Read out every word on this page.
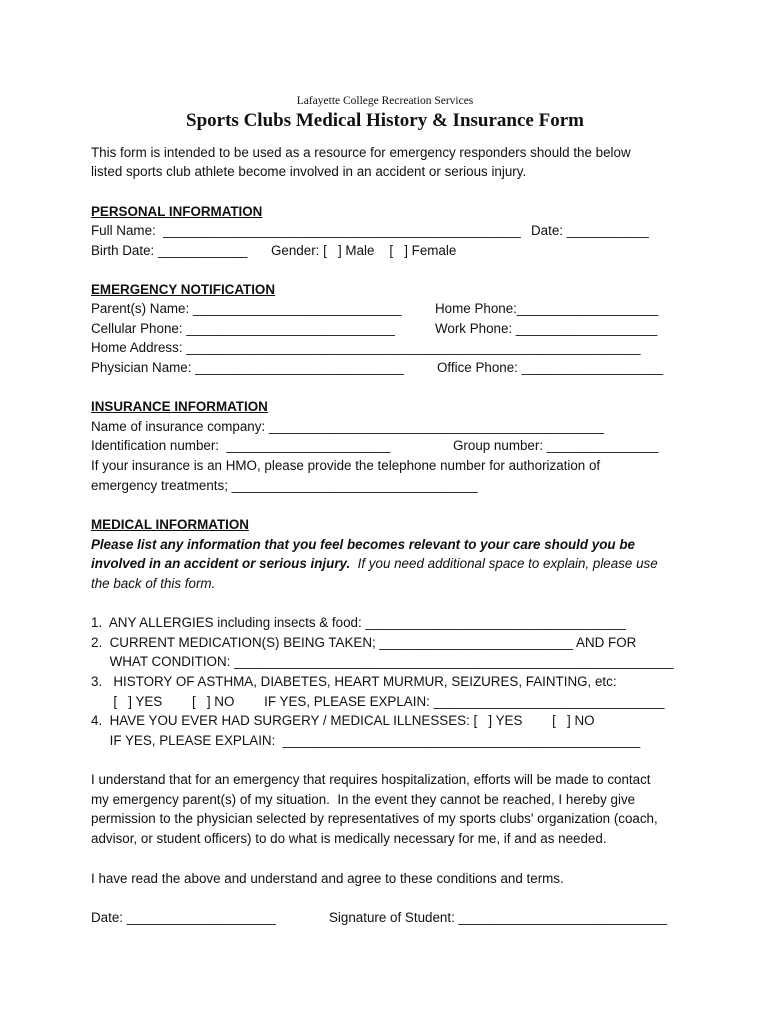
Lafayette College Recreation Services
Sports Clubs Medical History & Insurance Form
This form is intended to be used as a resource for emergency responders should the below
listed sports club athlete become involved in an accident or serious injury.
PERSONAL INFORMATION
Full Name:  ________________________________________________ Date: ___________
Birth Date: ____________ Gender: [   ] Male    [   ] Female
EMERGENCY NOTIFICATION
Parent(s) Name: ____________________________	Home Phone:___________________
Cellular Phone: ____________________________	Work Phone: ___________________
Home Address: _____________________________________________________________
Physician Name: ____________________________ Office Phone: ___________________
INSURANCE INFORMATION
Name of insurance company: _____________________________________________
Identification number:  ______________________	Group number: _______________
If your insurance is an HMO, please provide the telephone number for authorization of
emergency treatments; _________________________________
MEDICAL INFORMATION
Please list any information that you feel becomes relevant to your care should you be
involved in an accident or serious injury.  If you need additional space to explain, please use
the back of this form.
1.  ANY ALLERGIES including insects & food: ___________________________________
2.  CURRENT MEDICATION(S) BEING TAKEN; __________________________ AND FOR
WHAT CONDITION: ___________________________________________________________
3.   HISTORY OF ASTHMA, DIABETES, HEART MURMUR, SEIZURES, FAINTING, etc:
[   ] YES        [   ] NO        IF YES, PLEASE EXPLAIN: _______________________________
4.  HAVE YOU EVER HAD SURGERY / MEDICAL ILLNESSES: [   ] YES        [   ] NO
IF YES, PLEASE EXPLAIN:  ________________________________________________
I understand that for an emergency that requires hospitalization, efforts will be made to contact
my emergency parent(s) of my situation.  In the event they cannot be reached, I hereby give
permission to the physician selected by representatives of my sports clubs' organization (coach,
advisor, or student officers) to do what is medically necessary for me, if and as needed.
I have read the above and understand and agree to these conditions and terms.
Date: ____________________	Signature of Student: ____________________________
